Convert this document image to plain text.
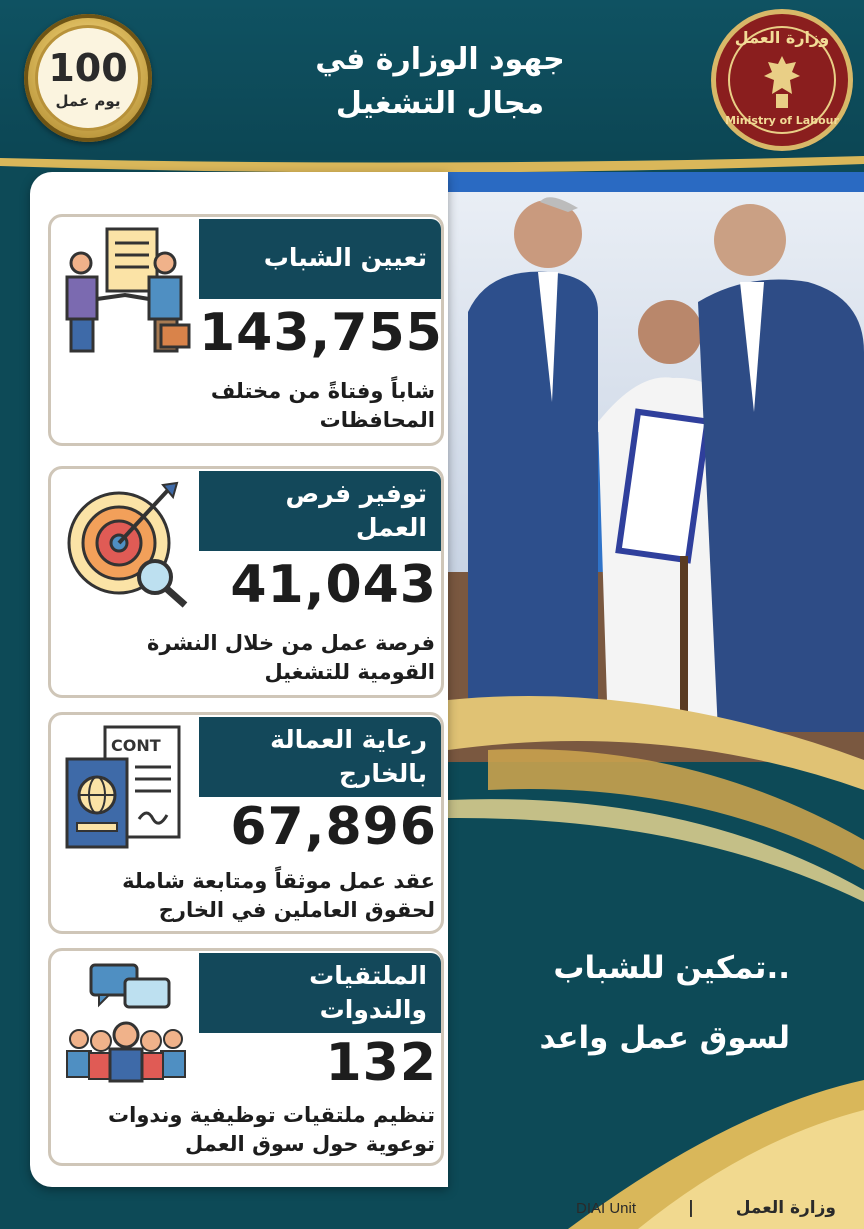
جهود الوزارة في
مجال التشغيل
100
يوم عمل
وزارة العمل
Ministry of Labour
تعيين الشباب
143,755
شاباً وفتاةً من مختلف
المحافظات
توفير فرص
العمل
41,043
فرصة عمل من خلال النشرة
القومية للتشغيل
CONT	رعاية العمالة
بالخارج
67,896
عقد عمل موثقاً ومتابعة شاملة
لحقوق العاملين في الخارج
الملتقيات
والندوات
132
تنظيم ملتقيات توظيفية وندوات
توعوية حول سوق العمل
تمكين للشباب..
لسوق عمل واعد
وزارة العمل
|
DIAI Unit
